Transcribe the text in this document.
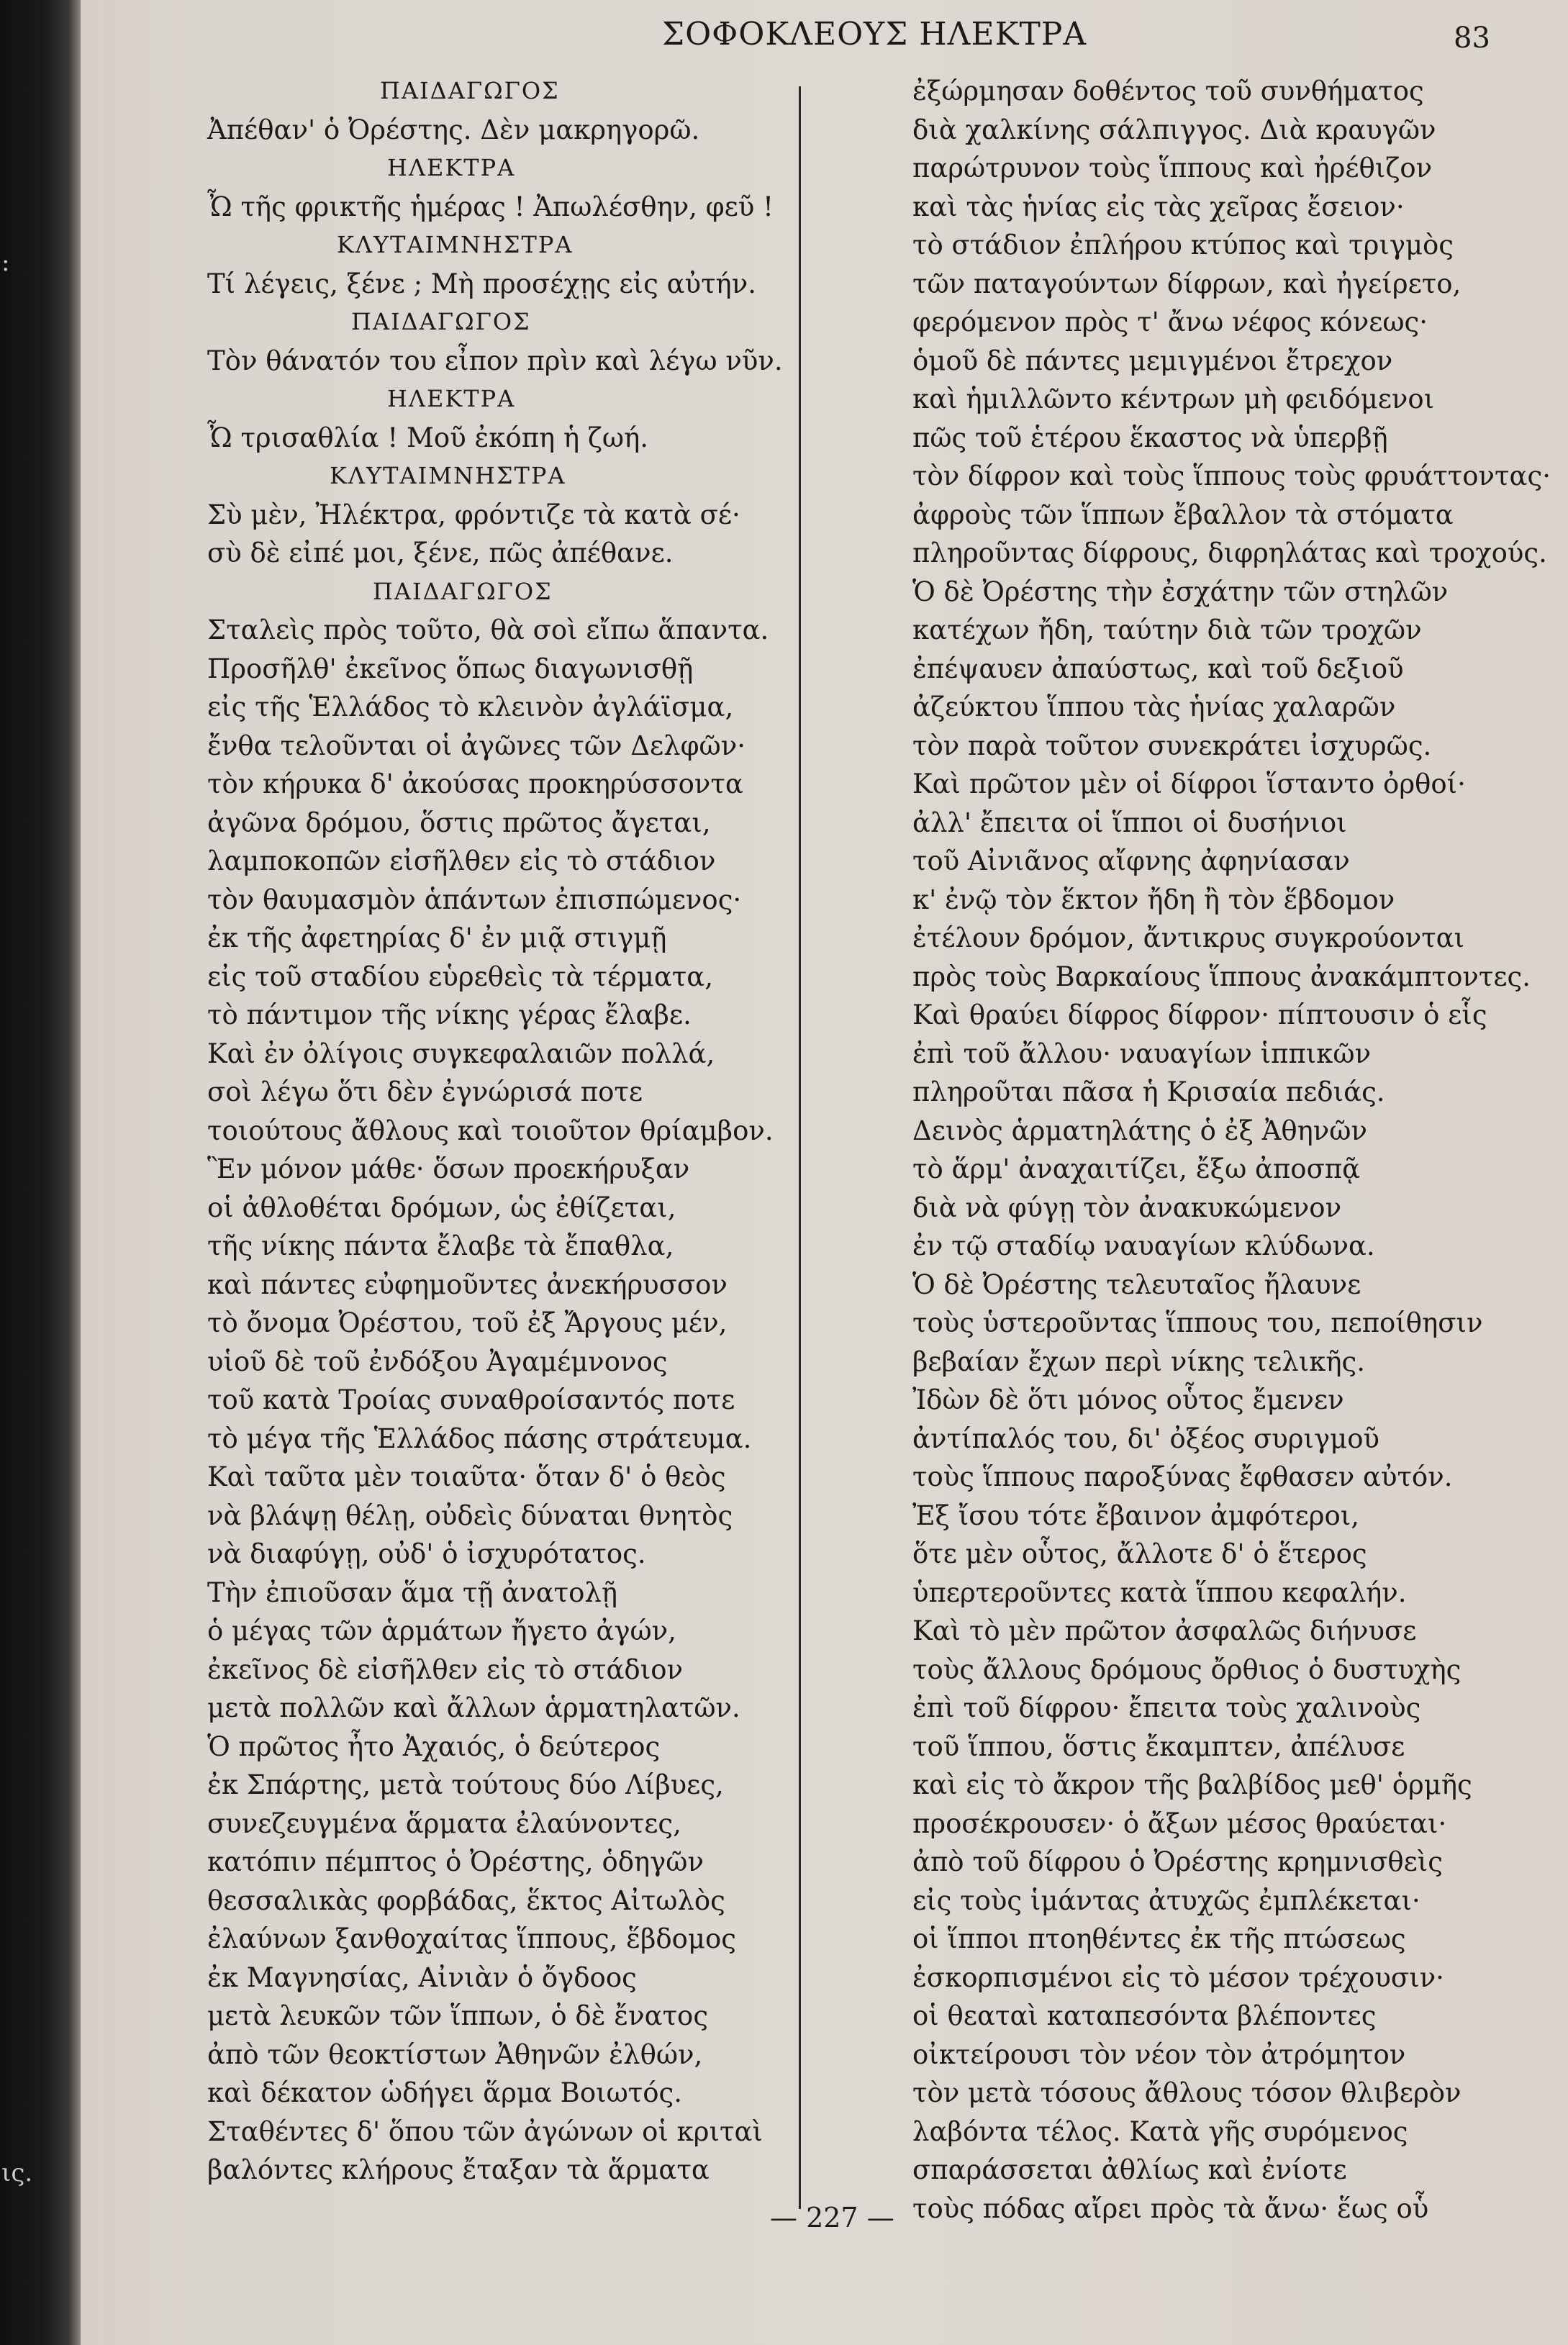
:
ις.
ΣΟΦΟΚΛΕΟΥΣ ΗΛΕΚΤΡΑ	83
ΠΑΙΔΑΓΩΓΟΣ
Ἀπέθαν' ὁ Ὀρέστης. Δὲν μακρηγορῶ.
ΗΛΕΚΤΡΑ
Ὦ τῆς φρικτῆς ἡμέρας ! Ἀπωλέσθην, φεῦ !
ΚΛΥΤΑΙΜΝΗΣΤΡΑ
Τί λέγεις, ξένε ; Μὴ προσέχῃς εἰς αὐτήν.
ΠΑΙΔΑΓΩΓΟΣ
Τὸν θάνατόν του εἶπον πρὶν καὶ λέγω νῦν.
ΗΛΕΚΤΡΑ
Ὦ τρισαθλία ! Μοῦ ἐκόπη ἡ ζωή.
ΚΛΥΤΑΙΜΝΗΣΤΡΑ
Σὺ μὲν, Ἠλέκτρα, φρόντιζε τὰ κατὰ σέ·
σὺ δὲ εἰπέ μοι, ξένε, πῶς ἀπέθανε.
ΠΑΙΔΑΓΩΓΟΣ
Σταλεὶς πρὸς τοῦτο, θὰ σοὶ εἴπω ἅπαντα.
Προσῆλθ' ἐκεῖνος ὅπως διαγωνισθῇ
εἰς τῆς Ἑλλάδος τὸ κλεινὸν ἀγλάϊσμα,
ἔνθα τελοῦνται οἱ ἀγῶνες τῶν Δελφῶν·
τὸν κήρυκα δ' ἀκούσας προκηρύσσοντα
ἀγῶνα δρόμου, ὅστις πρῶτος ἄγεται,
λαμποκοπῶν εἰσῆλθεν εἰς τὸ στάδιον
τὸν θαυμασμὸν ἁπάντων ἐπισπώμενος·
ἐκ τῆς ἀφετηρίας δ' ἐν μιᾷ στιγμῇ
εἰς τοῦ σταδίου εὑρεθεὶς τὰ τέρματα,
τὸ πάντιμον τῆς νίκης γέρας ἔλαβε.
Καὶ ἐν ὀλίγοις συγκεφαλαιῶν πολλά,
σοὶ λέγω ὅτι δὲν ἐγνώρισά ποτε
τοιούτους ἄθλους καὶ τοιοῦτον θρίαμβον.
Ἓν μόνον μάθε· ὅσων προεκήρυξαν
οἱ ἀθλοθέται δρόμων, ὡς ἐθίζεται,
τῆς νίκης πάντα ἔλαβε τὰ ἔπαθλα,
καὶ πάντες εὐφημοῦντες ἀνεκήρυσσον
τὸ ὄνομα Ὀρέστου, τοῦ ἐξ Ἄργους μέν,
υἱοῦ δὲ τοῦ ἐνδόξου Ἀγαμέμνονος
τοῦ κατὰ Τροίας συναθροίσαντός ποτε
τὸ μέγα τῆς Ἑλλάδος πάσης στράτευμα.
Καὶ ταῦτα μὲν τοιαῦτα· ὅταν δ' ὁ θεὸς
νὰ βλάψῃ θέλῃ, οὐδεὶς δύναται θνητὸς
νὰ διαφύγῃ, οὐδ' ὁ ἰσχυρότατος.
Τὴν ἐπιοῦσαν ἅμα τῇ ἀνατολῇ
ὁ μέγας τῶν ἁρμάτων ἤγετο ἀγών,
ἐκεῖνος δὲ εἰσῆλθεν εἰς τὸ στάδιον
μετὰ πολλῶν καὶ ἄλλων ἁρματηλατῶν.
Ὁ πρῶτος ἦτο Ἀχαιός, ὁ δεύτερος
ἐκ Σπάρτης, μετὰ τούτους δύο Λίβυες,
συνεζευγμένα ἅρματα ἐλαύνοντες,
κατόπιν πέμπτος ὁ Ὀρέστης, ὁδηγῶν
θεσσαλικὰς φορβάδας, ἕκτος Αἰτωλὸς
ἐλαύνων ξανθοχαίτας ἵππους, ἕβδομος
ἐκ Μαγνησίας, Αἰνιὰν ὁ ὄγδοος
μετὰ λευκῶν τῶν ἵππων, ὁ δὲ ἔνατος
ἀπὸ τῶν θεοκτίστων Ἀθηνῶν ἐλθών,
καὶ δέκατον ὡδήγει ἅρμα Βοιωτός.
Σταθέντες δ' ὅπου τῶν ἀγώνων οἱ κριταὶ
βαλόντες κλήρους ἔταξαν τὰ ἅρματα
ἐξώρμησαν δοθέντος τοῦ συνθήματος
διὰ χαλκίνης σάλπιγγος. Διὰ κραυγῶν
παρώτρυνον τοὺς ἵππους καὶ ἠρέθιζον
καὶ τὰς ἡνίας εἰς τὰς χεῖρας ἔσειον·
τὸ στάδιον ἐπλήρου κτύπος καὶ τριγμὸς
τῶν παταγούντων δίφρων, καὶ ἠγείρετο,
φερόμενον πρὸς τ' ἄνω νέφος κόνεως·
ὁμοῦ δὲ πάντες μεμιγμένοι ἔτρεχον
καὶ ἡμιλλῶντο κέντρων μὴ φειδόμενοι
πῶς τοῦ ἑτέρου ἕκαστος νὰ ὑπερβῇ
τὸν δίφρον καὶ τοὺς ἵππους τοὺς φρυάττοντας·
ἀφροὺς τῶν ἵππων ἔβαλλον τὰ στόματα
πληροῦντας δίφρους, διφρηλάτας καὶ τροχούς.
Ὁ δὲ Ὀρέστης τὴν ἐσχάτην τῶν στηλῶν
κατέχων ἤδη, ταύτην διὰ τῶν τροχῶν
ἐπέψαυεν ἀπαύστως, καὶ τοῦ δεξιοῦ
ἀζεύκτου ἵππου τὰς ἡνίας χαλαρῶν
τὸν παρὰ τοῦτον συνεκράτει ἰσχυρῶς.
Καὶ πρῶτον μὲν οἱ δίφροι ἵσταντο ὀρθοί·
ἀλλ' ἔπειτα οἱ ἵπποι οἱ δυσήνιοι
τοῦ Αἰνιᾶνος αἴφνης ἀφηνίασαν
κ' ἐνῷ τὸν ἕκτον ἤδη ἢ τὸν ἕβδομον
ἐτέλουν δρόμον, ἄντικρυς συγκρούονται
πρὸς τοὺς Βαρκαίους ἵππους ἀνακάμπτοντες.
Καὶ θραύει δίφρος δίφρον· πίπτουσιν ὁ εἷς
ἐπὶ τοῦ ἄλλου· ναυαγίων ἱππικῶν
πληροῦται πᾶσα ἡ Κρισαία πεδιάς.
Δεινὸς ἁρματηλάτης ὁ ἐξ Ἀθηνῶν
τὸ ἅρμ' ἀναχαιτίζει, ἔξω ἀποσπᾷ
διὰ νὰ φύγῃ τὸν ἀνακυκώμενον
ἐν τῷ σταδίῳ ναυαγίων κλύδωνα.
Ὁ δὲ Ὀρέστης τελευταῖος ἤλαυνε
τοὺς ὑστεροῦντας ἵππους του, πεποίθησιν
βεβαίαν ἔχων περὶ νίκης τελικῆς.
Ἰδὼν δὲ ὅτι μόνος οὗτος ἔμενεν
ἀντίπαλός του, δι' ὀξέος συριγμοῦ
τοὺς ἵππους παροξύνας ἔφθασεν αὐτόν.
Ἐξ ἴσου τότε ἔβαινον ἀμφότεροι,
ὅτε μὲν οὗτος, ἄλλοτε δ' ὁ ἕτερος
ὑπερτεροῦντες κατὰ ἵππου κεφαλήν.
Καὶ τὸ μὲν πρῶτον ἀσφαλῶς διήνυσε
τοὺς ἄλλους δρόμους ὄρθιος ὁ δυστυχὴς
ἐπὶ τοῦ δίφρου· ἔπειτα τοὺς χαλινοὺς
τοῦ ἵππου, ὅστις ἔκαμπτεν, ἀπέλυσε
καὶ εἰς τὸ ἄκρον τῆς βαλβίδος μεθ' ὁρμῆς
προσέκρουσεν· ὁ ἄξων μέσος θραύεται·
ἀπὸ τοῦ δίφρου ὁ Ὀρέστης κρημνισθεὶς
εἰς τοὺς ἱμάντας ἀτυχῶς ἐμπλέκεται·
οἱ ἵπποι πτοηθέντες ἐκ τῆς πτώσεως
ἐσκορπισμένοι εἰς τὸ μέσον τρέχουσιν·
οἱ θεαταὶ καταπεσόντα βλέποντες
οἰκτείρουσι τὸν νέον τὸν ἀτρόμητον
τὸν μετὰ τόσους ἄθλους τόσον θλιβερὸν
λαβόντα τέλος. Κατὰ γῆς συρόμενος
σπαράσσεται ἀθλίως καὶ ἐνίοτε
τοὺς πόδας αἴρει πρὸς τὰ ἄνω· ἕως οὗ
— 227 —
